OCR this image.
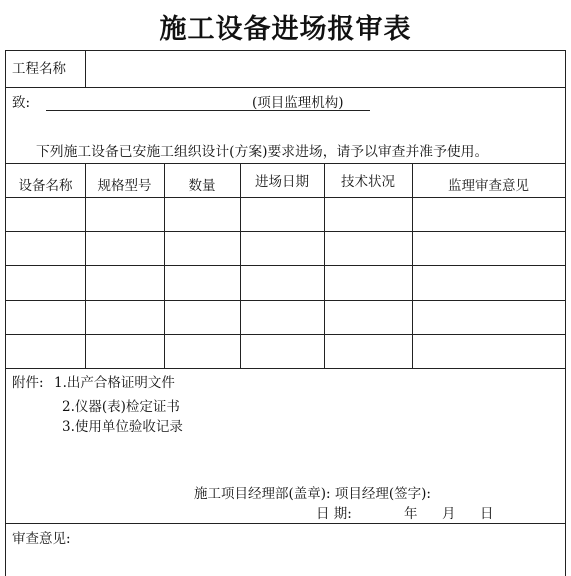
施工设备进场报审表
工程名称
致:	(项目监理机构)
下列施工设备已安施工组织设计(方案)要求进场，请予以审查并准予使用。
设备名称	规格型号	数量	进场日期	技术状况	监理审查意见
附件: 1.出产合格证明文件
2.仪器(表)检定证书
3.使用单位验收记录
施工项目经理部(盖章): 项目经理(签字):
日 期:	年 月 日
审查意见:
